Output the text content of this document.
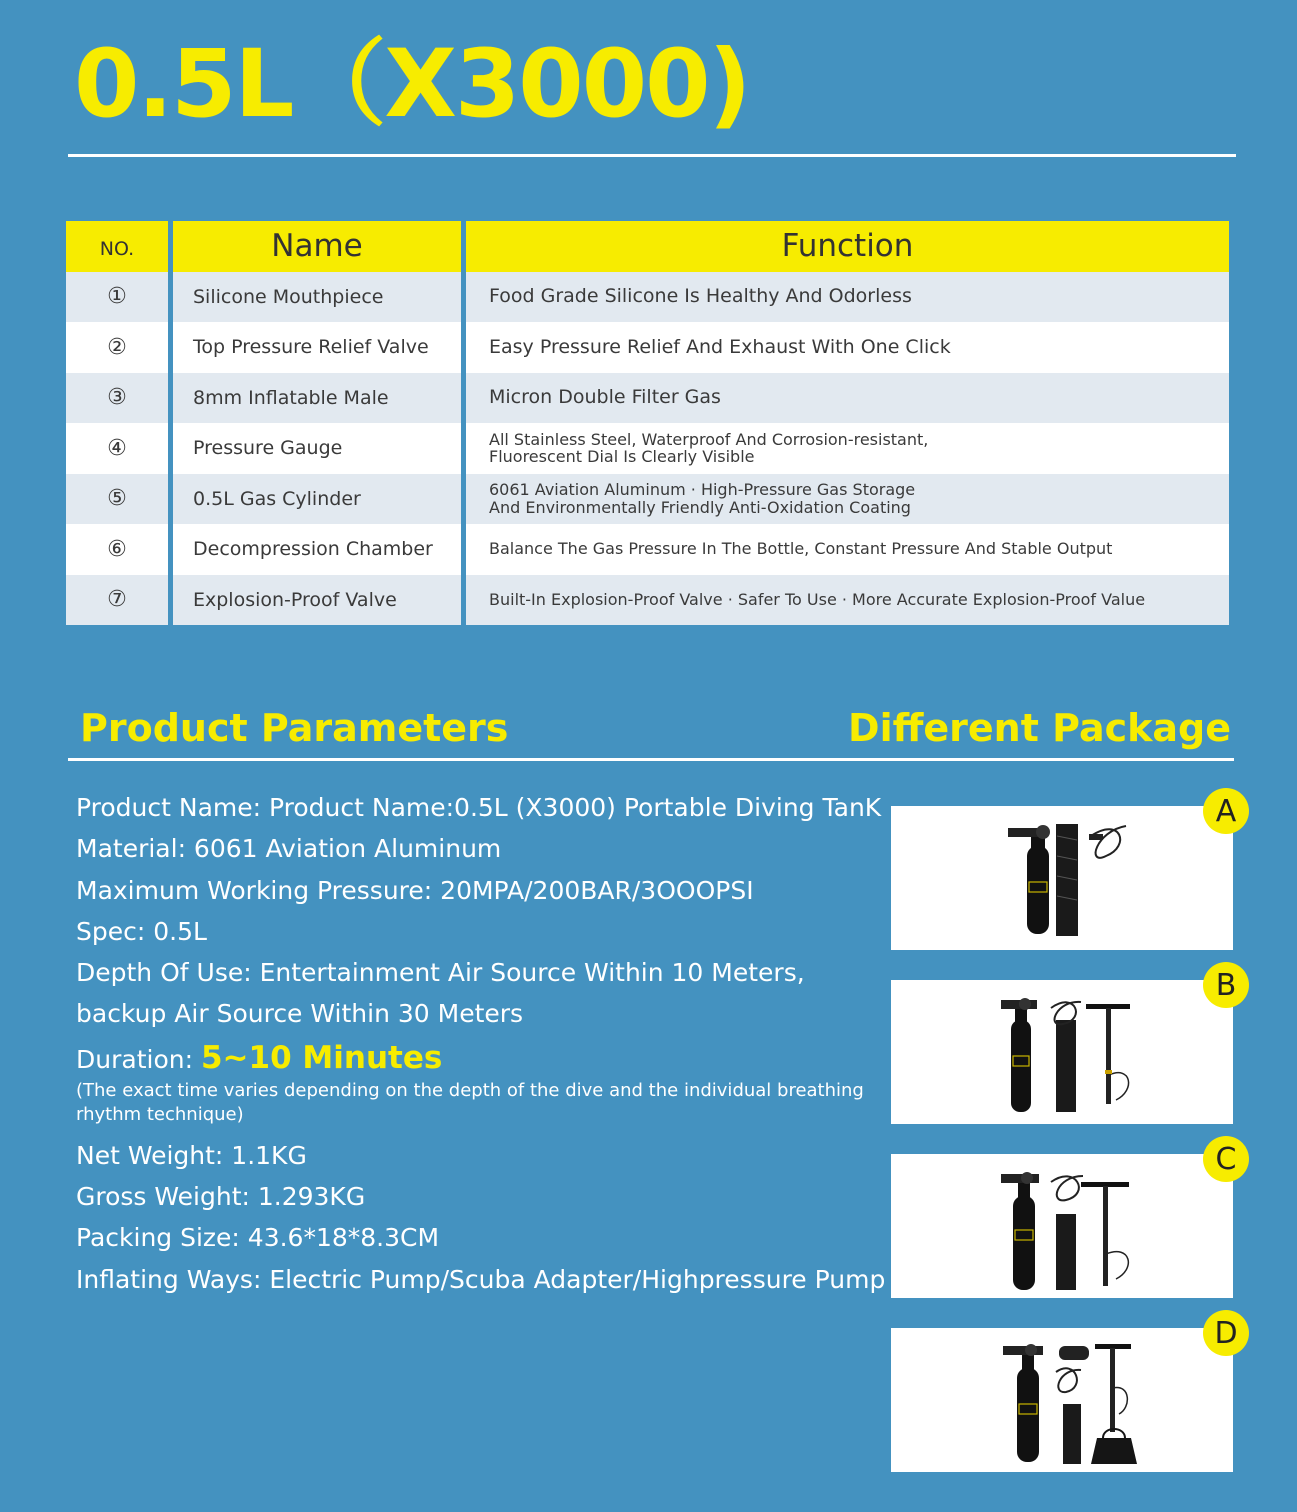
0.5L（X3000)
NO.	Name	Function
①	Silicone Mouthpiece	Food Grade Silicone Is Healthy And Odorless
②	Top Pressure Relief Valve	Easy Pressure Relief And Exhaust With One Click
③	8mm Inflatable Male	Micron Double Filter Gas
④	Pressure Gauge	All Stainless Steel, Waterproof And Corrosion-resistant,
Fluorescent Dial Is Clearly Visible
⑤	0.5L Gas Cylinder	6061 Aviation Aluminum · High-Pressure Gas Storage
And Environmentally Friendly Anti-Oxidation Coating
⑥	Decompression Chamber	Balance The Gas Pressure In The Bottle, Constant Pressure And Stable Output
⑦	Explosion-Proof Valve	Built-In Explosion-Proof Valve · Safer To Use · More Accurate Explosion-Proof Value
Product Parameters	Different Package
Product Name: Product Name:0.5L (X3000) Portable Diving TanK
Material: 6061 Aviation Aluminum
Maximum Working Pressure: 20MPA/200BAR/3OOOPSI
Spec: 0.5L
Depth Of Use: Entertainment Air Source Within 10 Meters,
backup Air Source Within 30 Meters
Duration: 5~10 Minutes
(The exact time varies depending on the depth of the dive and the individual breathing rhythm technique)
Net Weight: 1.1KG
Gross Weight: 1.293KG
Packing Size: 43.6*18*8.3CM
Inflating Ways: Electric Pump/Scuba Adapter/Highpressure Pump
A
B
C
D
